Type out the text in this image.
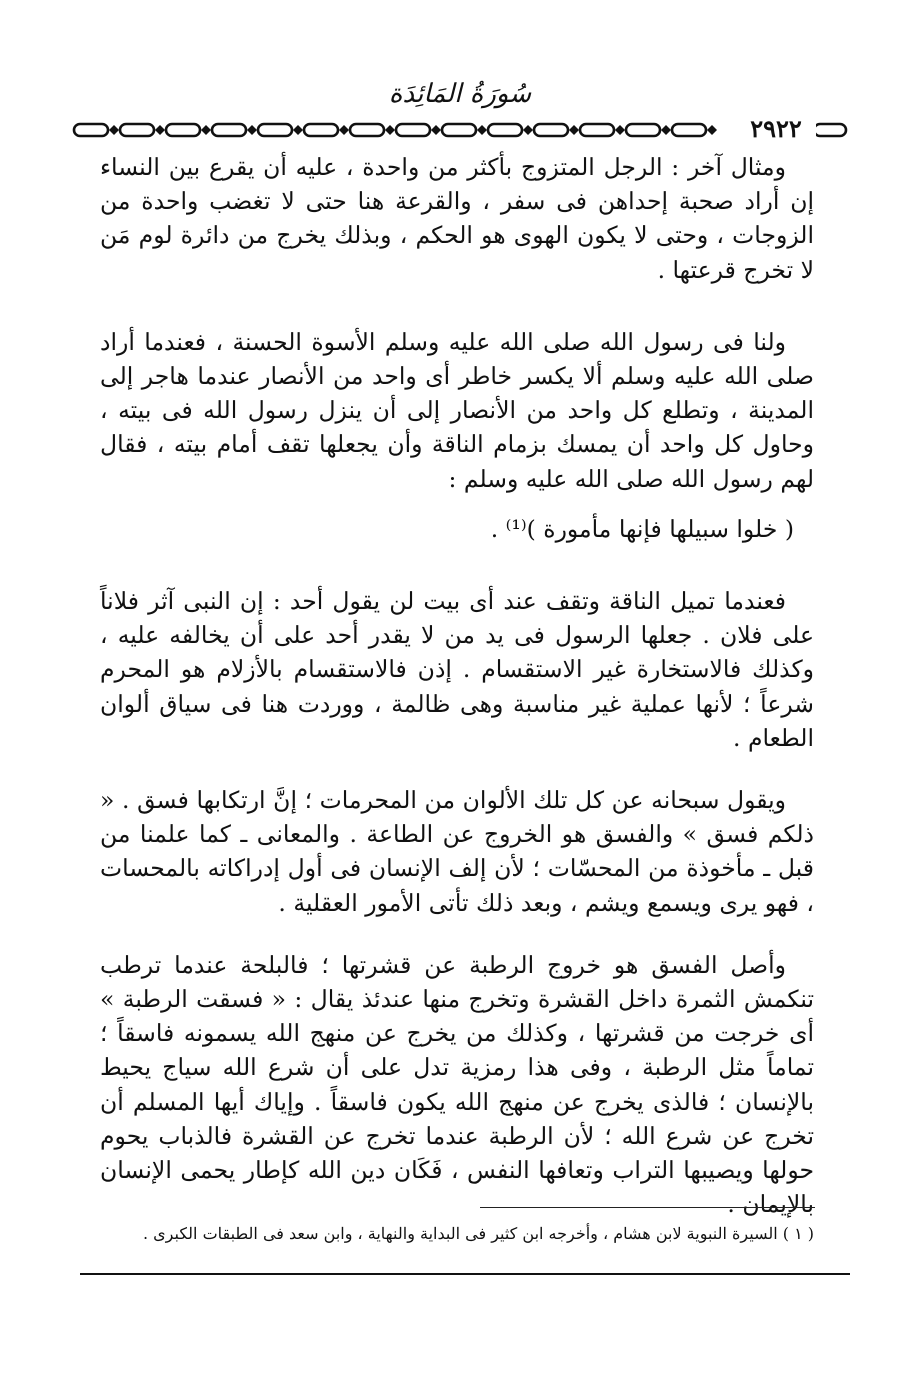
سُورَةُ المَائِدَة
٢٩٢٢

ومثال آخر : الرجل المتزوج بأكثر من واحدة ، عليه أن يقرع بين النساء إن أراد صحبة إحداهن فى سفر ، والقرعة هنا حتى لا تغضب واحدة من الزوجات ، وحتى لا يكون الهوى هو الحكم ، وبذلك يخرج من دائرة لوم مَن لا تخرج قرعتها .

ولنا فى رسول الله صلى الله عليه وسلم الأسوة الحسنة ، فعندما أراد صلى الله عليه وسلم ألا يكسر خاطر أى واحد من الأنصار عندما هاجر إلى المدينة ، وتطلع كل واحد من الأنصار إلى أن ينزل رسول الله فى بيته ، وحاول كل واحد أن يمسك بزمام الناقة وأن يجعلها تقف أمام بيته ، فقال لهم رسول الله صلى الله عليه وسلم :

( خلوا سبيلها فإنها مأمورة )⁽¹⁾ .

فعندما تميل الناقة وتقف عند أى بيت لن يقول أحد : إن النبى آثر فلاناً على فلان . جعلها الرسول فى يد من لا يقدر أحد على أن يخالفه عليه ، وكذلك فالاستخارة غير الاستقسام . إذن فالاستقسام بالأزلام هو المحرم شرعاً ؛ لأنها عملية غير مناسبة وهى ظالمة ، ووردت هنا فى سياق ألوان الطعام .

ويقول سبحانه عن كل تلك الألوان من المحرمات ؛ إنَّ ارتكابها فسق . « ذلكم فسق » والفسق هو الخروج عن الطاعة . والمعانى ـ كما علمنا من قبل ـ مأخوذة من المحسّات ؛ لأن إلف الإنسان فى أول إدراكاته بالمحسات ، فهو يرى ويسمع ويشم ، وبعد ذلك تأتى الأمور العقلية .

وأصل الفسق هو خروج الرطبة عن قشرتها ؛ فالبلحة عندما ترطب تنكمش الثمرة داخل القشرة وتخرج منها عندئذ يقال : « فسقت الرطبة » أى خرجت من قشرتها ، وكذلك من يخرج عن منهج الله يسمونه فاسقاً ؛ تماماً مثل الرطبة ، وفى هذا رمزية تدل على أن شرع الله سياج يحيط بالإنسان ؛ فالذى يخرج عن منهج الله يكون فاسقاً . وإياك أيها المسلم أن تخرج عن شرع الله ؛ لأن الرطبة عندما تخرج عن القشرة فالذباب يحوم حولها ويصيبها التراب وتعافها النفس ، فَكَان دين الله كإطار يحمى الإنسان بالإيمان .

( ١ ) السيرة النبوية لابن هشام ، وأخرجه ابن كثير فى البداية والنهاية ، وابن سعد فى الطبقات الكبرى .
